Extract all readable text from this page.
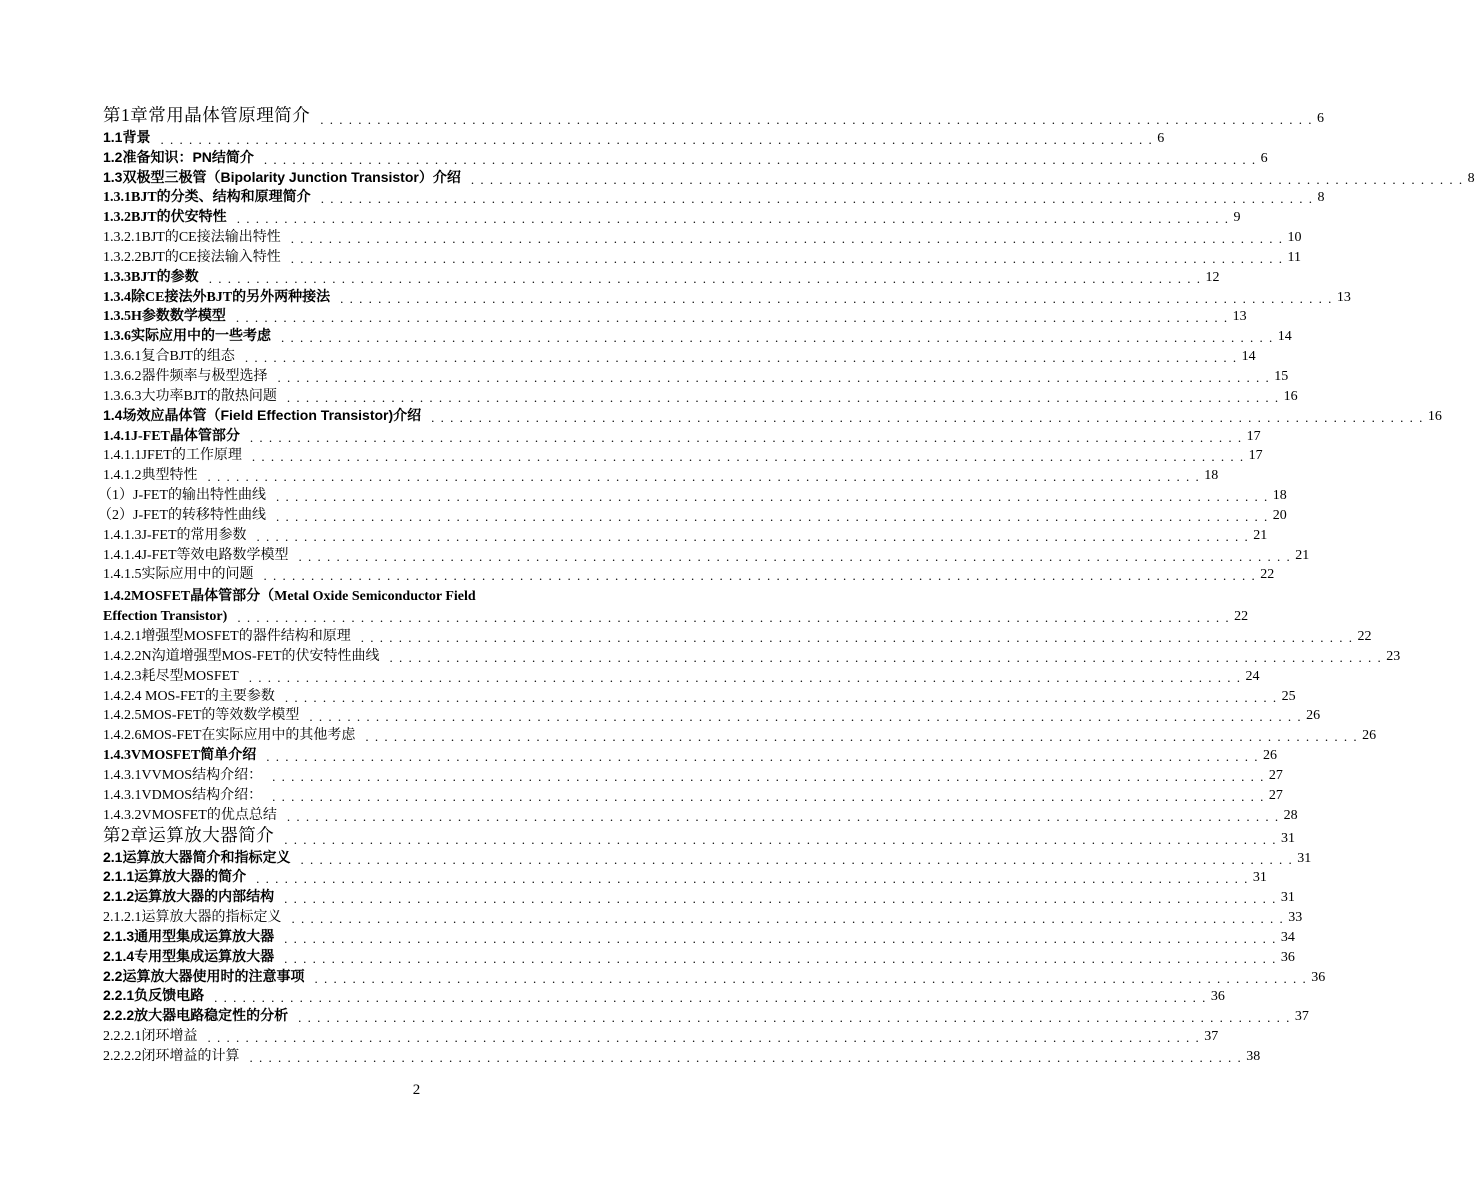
第1章常用晶体管原理简介 . . . . . . . . . . . . . . . . . . . . . . . . . . . . . . . . . . . . . . . . . . . . . . . . . . . . . . . . . . . . . . . . . . . . . . . . . . . . . . . . . . . . . . . . . . . . . . . . . . . . . . . . . 6
1.1背景 . . . . . . . . . . . . . . . . . . . . . . . . . . . . . . . . . . . . . . . . . . . . . . . . . . . . . . . . . . . . . . . . . . . . . . . . . . . . . . . . . . . . . . . . . . . . . . . . . . . . . . . . . 6
1.2准备知识：PN结简介 . . . . . . . . . . . . . . . . . . . . . . . . . . . . . . . . . . . . . . . . . . . . . . . . . . . . . . . . . . . . . . . . . . . . . . . . . . . . . . . . . . . . . . . . . . . . . . . . . . . . . . . . . 6
1.3双极型三极管（Bipolarity Junction Transistor）介绍 . . . . . . . . . . . . . . . . . . . . . . . . . . . . . . . . . . . . . . . . . . . . . . . . . . . . . . . . . . . . . . . . . . . . . . . . . . . . . . . . . . . . . . . . . . . . . . . . . . . . . . . . . 8
1.3.1BJT的分类、结构和原理简介 . . . . . . . . . . . . . . . . . . . . . . . . . . . . . . . . . . . . . . . . . . . . . . . . . . . . . . . . . . . . . . . . . . . . . . . . . . . . . . . . . . . . . . . . . . . . . . . . . . . . . . . . . 8
1.3.2BJT的伏安特性 . . . . . . . . . . . . . . . . . . . . . . . . . . . . . . . . . . . . . . . . . . . . . . . . . . . . . . . . . . . . . . . . . . . . . . . . . . . . . . . . . . . . . . . . . . . . . . . . . . . . . . . . . 9
1.3.2.1BJT的CE接法输出特性 . . . . . . . . . . . . . . . . . . . . . . . . . . . . . . . . . . . . . . . . . . . . . . . . . . . . . . . . . . . . . . . . . . . . . . . . . . . . . . . . . . . . . . . . . . . . . . . . . . . . . . . . . 10
1.3.2.2BJT的CE接法输入特性 . . . . . . . . . . . . . . . . . . . . . . . . . . . . . . . . . . . . . . . . . . . . . . . . . . . . . . . . . . . . . . . . . . . . . . . . . . . . . . . . . . . . . . . . . . . . . . . . . . . . . . . . . 11
1.3.3BJT的参数 . . . . . . . . . . . . . . . . . . . . . . . . . . . . . . . . . . . . . . . . . . . . . . . . . . . . . . . . . . . . . . . . . . . . . . . . . . . . . . . . . . . . . . . . . . . . . . . . . . . . . . . . . 12
1.3.4除CE接法外BJT的另外两种接法 . . . . . . . . . . . . . . . . . . . . . . . . . . . . . . . . . . . . . . . . . . . . . . . . . . . . . . . . . . . . . . . . . . . . . . . . . . . . . . . . . . . . . . . . . . . . . . . . . . . . . . . . . 13
1.3.5H参数数学模型 . . . . . . . . . . . . . . . . . . . . . . . . . . . . . . . . . . . . . . . . . . . . . . . . . . . . . . . . . . . . . . . . . . . . . . . . . . . . . . . . . . . . . . . . . . . . . . . . . . . . . . . . . 13
1.3.6实际应用中的一些考虑 . . . . . . . . . . . . . . . . . . . . . . . . . . . . . . . . . . . . . . . . . . . . . . . . . . . . . . . . . . . . . . . . . . . . . . . . . . . . . . . . . . . . . . . . . . . . . . . . . . . . . . . . . 14
1.3.6.1复合BJT的组态 . . . . . . . . . . . . . . . . . . . . . . . . . . . . . . . . . . . . . . . . . . . . . . . . . . . . . . . . . . . . . . . . . . . . . . . . . . . . . . . . . . . . . . . . . . . . . . . . . . . . . . . . . 14
1.3.6.2器件频率与极型选择 . . . . . . . . . . . . . . . . . . . . . . . . . . . . . . . . . . . . . . . . . . . . . . . . . . . . . . . . . . . . . . . . . . . . . . . . . . . . . . . . . . . . . . . . . . . . . . . . . . . . . . . . . 15
1.3.6.3大功率BJT的散热问题 . . . . . . . . . . . . . . . . . . . . . . . . . . . . . . . . . . . . . . . . . . . . . . . . . . . . . . . . . . . . . . . . . . . . . . . . . . . . . . . . . . . . . . . . . . . . . . . . . . . . . . . . . 16
1.4场效应晶体管（Field Effection Transistor)介绍 . . . . . . . . . . . . . . . . . . . . . . . . . . . . . . . . . . . . . . . . . . . . . . . . . . . . . . . . . . . . . . . . . . . . . . . . . . . . . . . . . . . . . . . . . . . . . . . . . . . . . . . . . 16
1.4.1J-FET晶体管部分 . . . . . . . . . . . . . . . . . . . . . . . . . . . . . . . . . . . . . . . . . . . . . . . . . . . . . . . . . . . . . . . . . . . . . . . . . . . . . . . . . . . . . . . . . . . . . . . . . . . . . . . . . 17
1.4.1.1JFET的工作原理 . . . . . . . . . . . . . . . . . . . . . . . . . . . . . . . . . . . . . . . . . . . . . . . . . . . . . . . . . . . . . . . . . . . . . . . . . . . . . . . . . . . . . . . . . . . . . . . . . . . . . . . . . 17
1.4.1.2典型特性 . . . . . . . . . . . . . . . . . . . . . . . . . . . . . . . . . . . . . . . . . . . . . . . . . . . . . . . . . . . . . . . . . . . . . . . . . . . . . . . . . . . . . . . . . . . . . . . . . . . . . . . . . 18
（1）J-FET的输出特性曲线 . . . . . . . . . . . . . . . . . . . . . . . . . . . . . . . . . . . . . . . . . . . . . . . . . . . . . . . . . . . . . . . . . . . . . . . . . . . . . . . . . . . . . . . . . . . . . . . . . . . . . . . . . 18
（2）J-FET的转移特性曲线 . . . . . . . . . . . . . . . . . . . . . . . . . . . . . . . . . . . . . . . . . . . . . . . . . . . . . . . . . . . . . . . . . . . . . . . . . . . . . . . . . . . . . . . . . . . . . . . . . . . . . . . . . 20
1.4.1.3J-FET的常用参数 . . . . . . . . . . . . . . . . . . . . . . . . . . . . . . . . . . . . . . . . . . . . . . . . . . . . . . . . . . . . . . . . . . . . . . . . . . . . . . . . . . . . . . . . . . . . . . . . . . . . . . . . . 21
1.4.1.4J-FET等效电路数学模型 . . . . . . . . . . . . . . . . . . . . . . . . . . . . . . . . . . . . . . . . . . . . . . . . . . . . . . . . . . . . . . . . . . . . . . . . . . . . . . . . . . . . . . . . . . . . . . . . . . . . . . . . . 21
1.4.1.5实际应用中的问题 . . . . . . . . . . . . . . . . . . . . . . . . . . . . . . . . . . . . . . . . . . . . . . . . . . . . . . . . . . . . . . . . . . . . . . . . . . . . . . . . . . . . . . . . . . . . . . . . . . . . . . . . . 22
1.4.2MOSFET晶体管部分（Metal Oxide Semiconductor Field
Effection Transistor) . . . . . . . . . . . . . . . . . . . . . . . . . . . . . . . . . . . . . . . . . . . . . . . . . . . . . . . . . . . . . . . . . . . . . . . . . . . . . . . . . . . . . . . . . . . . . . . . . . . . . . . . . 22
1.4.2.1增强型MOSFET的器件结构和原理 . . . . . . . . . . . . . . . . . . . . . . . . . . . . . . . . . . . . . . . . . . . . . . . . . . . . . . . . . . . . . . . . . . . . . . . . . . . . . . . . . . . . . . . . . . . . . . . . . . . . . . . . . 22
1.4.2.2N沟道增强型MOS-FET的伏安特性曲线 . . . . . . . . . . . . . . . . . . . . . . . . . . . . . . . . . . . . . . . . . . . . . . . . . . . . . . . . . . . . . . . . . . . . . . . . . . . . . . . . . . . . . . . . . . . . . . . . . . . . . . . . . 23
1.4.2.3耗尽型MOSFET . . . . . . . . . . . . . . . . . . . . . . . . . . . . . . . . . . . . . . . . . . . . . . . . . . . . . . . . . . . . . . . . . . . . . . . . . . . . . . . . . . . . . . . . . . . . . . . . . . . . . . . . . 24
1.4.2.4 MOS-FET的主要参数 . . . . . . . . . . . . . . . . . . . . . . . . . . . . . . . . . . . . . . . . . . . . . . . . . . . . . . . . . . . . . . . . . . . . . . . . . . . . . . . . . . . . . . . . . . . . . . . . . . . . . . . . . 25
1.4.2.5MOS-FET的等效数学模型 . . . . . . . . . . . . . . . . . . . . . . . . . . . . . . . . . . . . . . . . . . . . . . . . . . . . . . . . . . . . . . . . . . . . . . . . . . . . . . . . . . . . . . . . . . . . . . . . . . . . . . . . . 26
1.4.2.6MOS-FET在实际应用中的其他考虑 . . . . . . . . . . . . . . . . . . . . . . . . . . . . . . . . . . . . . . . . . . . . . . . . . . . . . . . . . . . . . . . . . . . . . . . . . . . . . . . . . . . . . . . . . . . . . . . . . . . . . . . . . 26
1.4.3VMOSFET简单介绍 . . . . . . . . . . . . . . . . . . . . . . . . . . . . . . . . . . . . . . . . . . . . . . . . . . . . . . . . . . . . . . . . . . . . . . . . . . . . . . . . . . . . . . . . . . . . . . . . . . . . . . . . . 26
1.4.3.1VVMOS结构介绍： . . . . . . . . . . . . . . . . . . . . . . . . . . . . . . . . . . . . . . . . . . . . . . . . . . . . . . . . . . . . . . . . . . . . . . . . . . . . . . . . . . . . . . . . . . . . . . . . . . . . . . . . . 27
1.4.3.1VDMOS结构介绍： . . . . . . . . . . . . . . . . . . . . . . . . . . . . . . . . . . . . . . . . . . . . . . . . . . . . . . . . . . . . . . . . . . . . . . . . . . . . . . . . . . . . . . . . . . . . . . . . . . . . . . . . . 27
1.4.3.2VMOSFET的优点总结 . . . . . . . . . . . . . . . . . . . . . . . . . . . . . . . . . . . . . . . . . . . . . . . . . . . . . . . . . . . . . . . . . . . . . . . . . . . . . . . . . . . . . . . . . . . . . . . . . . . . . . . . . 28
第2章运算放大器简介 . . . . . . . . . . . . . . . . . . . . . . . . . . . . . . . . . . . . . . . . . . . . . . . . . . . . . . . . . . . . . . . . . . . . . . . . . . . . . . . . . . . . . . . . . . . . . . . . . . . . . . . . . 31
2.1运算放大器简介和指标定义 . . . . . . . . . . . . . . . . . . . . . . . . . . . . . . . . . . . . . . . . . . . . . . . . . . . . . . . . . . . . . . . . . . . . . . . . . . . . . . . . . . . . . . . . . . . . . . . . . . . . . . . . . 31
2.1.1运算放大器的简介 . . . . . . . . . . . . . . . . . . . . . . . . . . . . . . . . . . . . . . . . . . . . . . . . . . . . . . . . . . . . . . . . . . . . . . . . . . . . . . . . . . . . . . . . . . . . . . . . . . . . . . . . . 31
2.1.2运算放大器的内部结构 . . . . . . . . . . . . . . . . . . . . . . . . . . . . . . . . . . . . . . . . . . . . . . . . . . . . . . . . . . . . . . . . . . . . . . . . . . . . . . . . . . . . . . . . . . . . . . . . . . . . . . . . . 31
2.1.2.1运算放大器的指标定义 . . . . . . . . . . . . . . . . . . . . . . . . . . . . . . . . . . . . . . . . . . . . . . . . . . . . . . . . . . . . . . . . . . . . . . . . . . . . . . . . . . . . . . . . . . . . . . . . . . . . . . . . . 33
2.1.3通用型集成运算放大器 . . . . . . . . . . . . . . . . . . . . . . . . . . . . . . . . . . . . . . . . . . . . . . . . . . . . . . . . . . . . . . . . . . . . . . . . . . . . . . . . . . . . . . . . . . . . . . . . . . . . . . . . . 34
2.1.4专用型集成运算放大器 . . . . . . . . . . . . . . . . . . . . . . . . . . . . . . . . . . . . . . . . . . . . . . . . . . . . . . . . . . . . . . . . . . . . . . . . . . . . . . . . . . . . . . . . . . . . . . . . . . . . . . . . . 36
2.2运算放大器使用时的注意事项 . . . . . . . . . . . . . . . . . . . . . . . . . . . . . . . . . . . . . . . . . . . . . . . . . . . . . . . . . . . . . . . . . . . . . . . . . . . . . . . . . . . . . . . . . . . . . . . . . . . . . . . . . 36
2.2.1负反馈电路 . . . . . . . . . . . . . . . . . . . . . . . . . . . . . . . . . . . . . . . . . . . . . . . . . . . . . . . . . . . . . . . . . . . . . . . . . . . . . . . . . . . . . . . . . . . . . . . . . . . . . . . . . 36
2.2.2放大器电路稳定性的分析 . . . . . . . . . . . . . . . . . . . . . . . . . . . . . . . . . . . . . . . . . . . . . . . . . . . . . . . . . . . . . . . . . . . . . . . . . . . . . . . . . . . . . . . . . . . . . . . . . . . . . . . . . 37
2.2.2.1闭环增益 . . . . . . . . . . . . . . . . . . . . . . . . . . . . . . . . . . . . . . . . . . . . . . . . . . . . . . . . . . . . . . . . . . . . . . . . . . . . . . . . . . . . . . . . . . . . . . . . . . . . . . . . . 37
2.2.2.2闭环增益的计算 . . . . . . . . . . . . . . . . . . . . . . . . . . . . . . . . . . . . . . . . . . . . . . . . . . . . . . . . . . . . . . . . . . . . . . . . . . . . . . . . . . . . . . . . . . . . . . . . . . . . . . . . . 38
2
